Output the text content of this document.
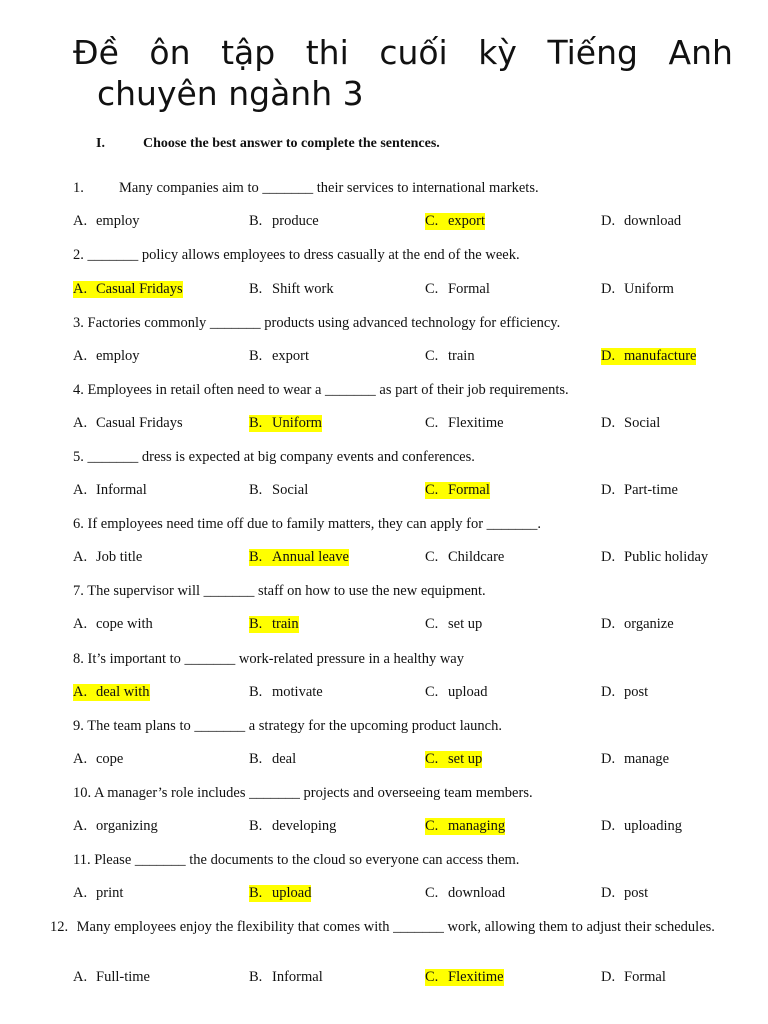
Đề ôn tập thi cuối kỳ Tiếng Anh
chuyên ngành 3
I.	Choose the best answer to complete the sentences.
1. Many companies aim to _______ their services to international markets.
A. employ	B. produce	C. export	D. download
2. _______ policy allows employees to dress casually at the end of the week.
A. Casual Fridays	B. Shift work	C. Formal	D. Uniform
3. Factories commonly _______ products using advanced technology for efficiency.
A. employ	B. export	C. train	D. manufacture
4. Employees in retail often need to wear a _______ as part of their job requirements.
A. Casual Fridays	B. Uniform	C. Flexitime	D. Social
5. _______ dress is expected at big company events and conferences.
A. Informal	B. Social	C. Formal	D. Part-time
6. If employees need time off due to family matters, they can apply for _______.
A. Job title	B. Annual leave	C. Childcare	D. Public holiday
7. The supervisor will _______ staff on how to use the new equipment.
A. cope with	B. train	C. set up	D. organize
8. It’s important to _______ work-related pressure in a healthy way
A. deal with	B. motivate	C. upload	D. post
9. The team plans to _______ a strategy for the upcoming product launch.
A. cope	B. deal	C. set up	D. manage
10. A manager’s role includes _______ projects and overseeing team members.
A. organizing	B. developing	C. managing	D. uploading
11. Please _______ the documents to the cloud so everyone can access them.
A. print	B. upload	C. download	D. post
12. Many employees enjoy the flexibility that comes with _______ work, allowing them to adjust their schedules.
A. Full-time	B. Informal	C. Flexitime	D. Formal
